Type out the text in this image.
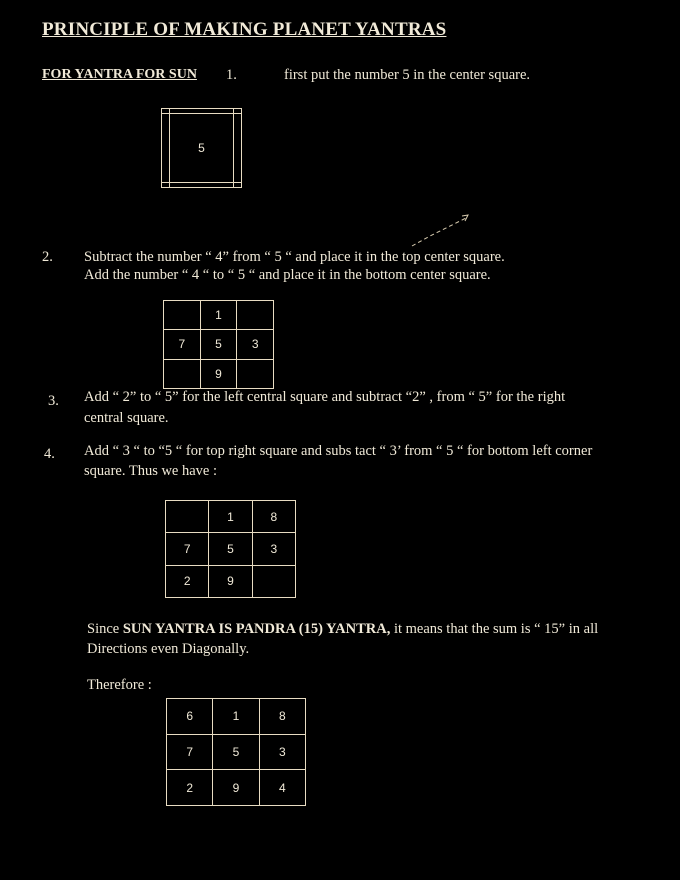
PRINCIPLE OF MAKING PLANET YANTRAS
FOR YANTRA FOR SUN 1.	first put the number 5 in the center square.

	5	

2. Subtract the number “ 4” from “ 5 “ and place it in the top center square.
Add the number “ 4 “ to “ 5 “ and place it in the bottom center square.
	1	
7	5	3
	9	
3. Add “ 2” to “ 5” for the left central square and subtract “2” , from “ 5” for the right
central square.
4. Add “ 3 “ to “5 “ for top right square and subs tact “ 3’ from “ 5 “ for bottom left corner
square. Thus we have :
	1	8
7	5	3
2	9	
Since SUN YANTRA IS PANDRA (15) YANTRA, it means that the sum is “ 15” in all
Directions even Diagonally.
Therefore :
6	1	8
7	5	3
2	9	4
